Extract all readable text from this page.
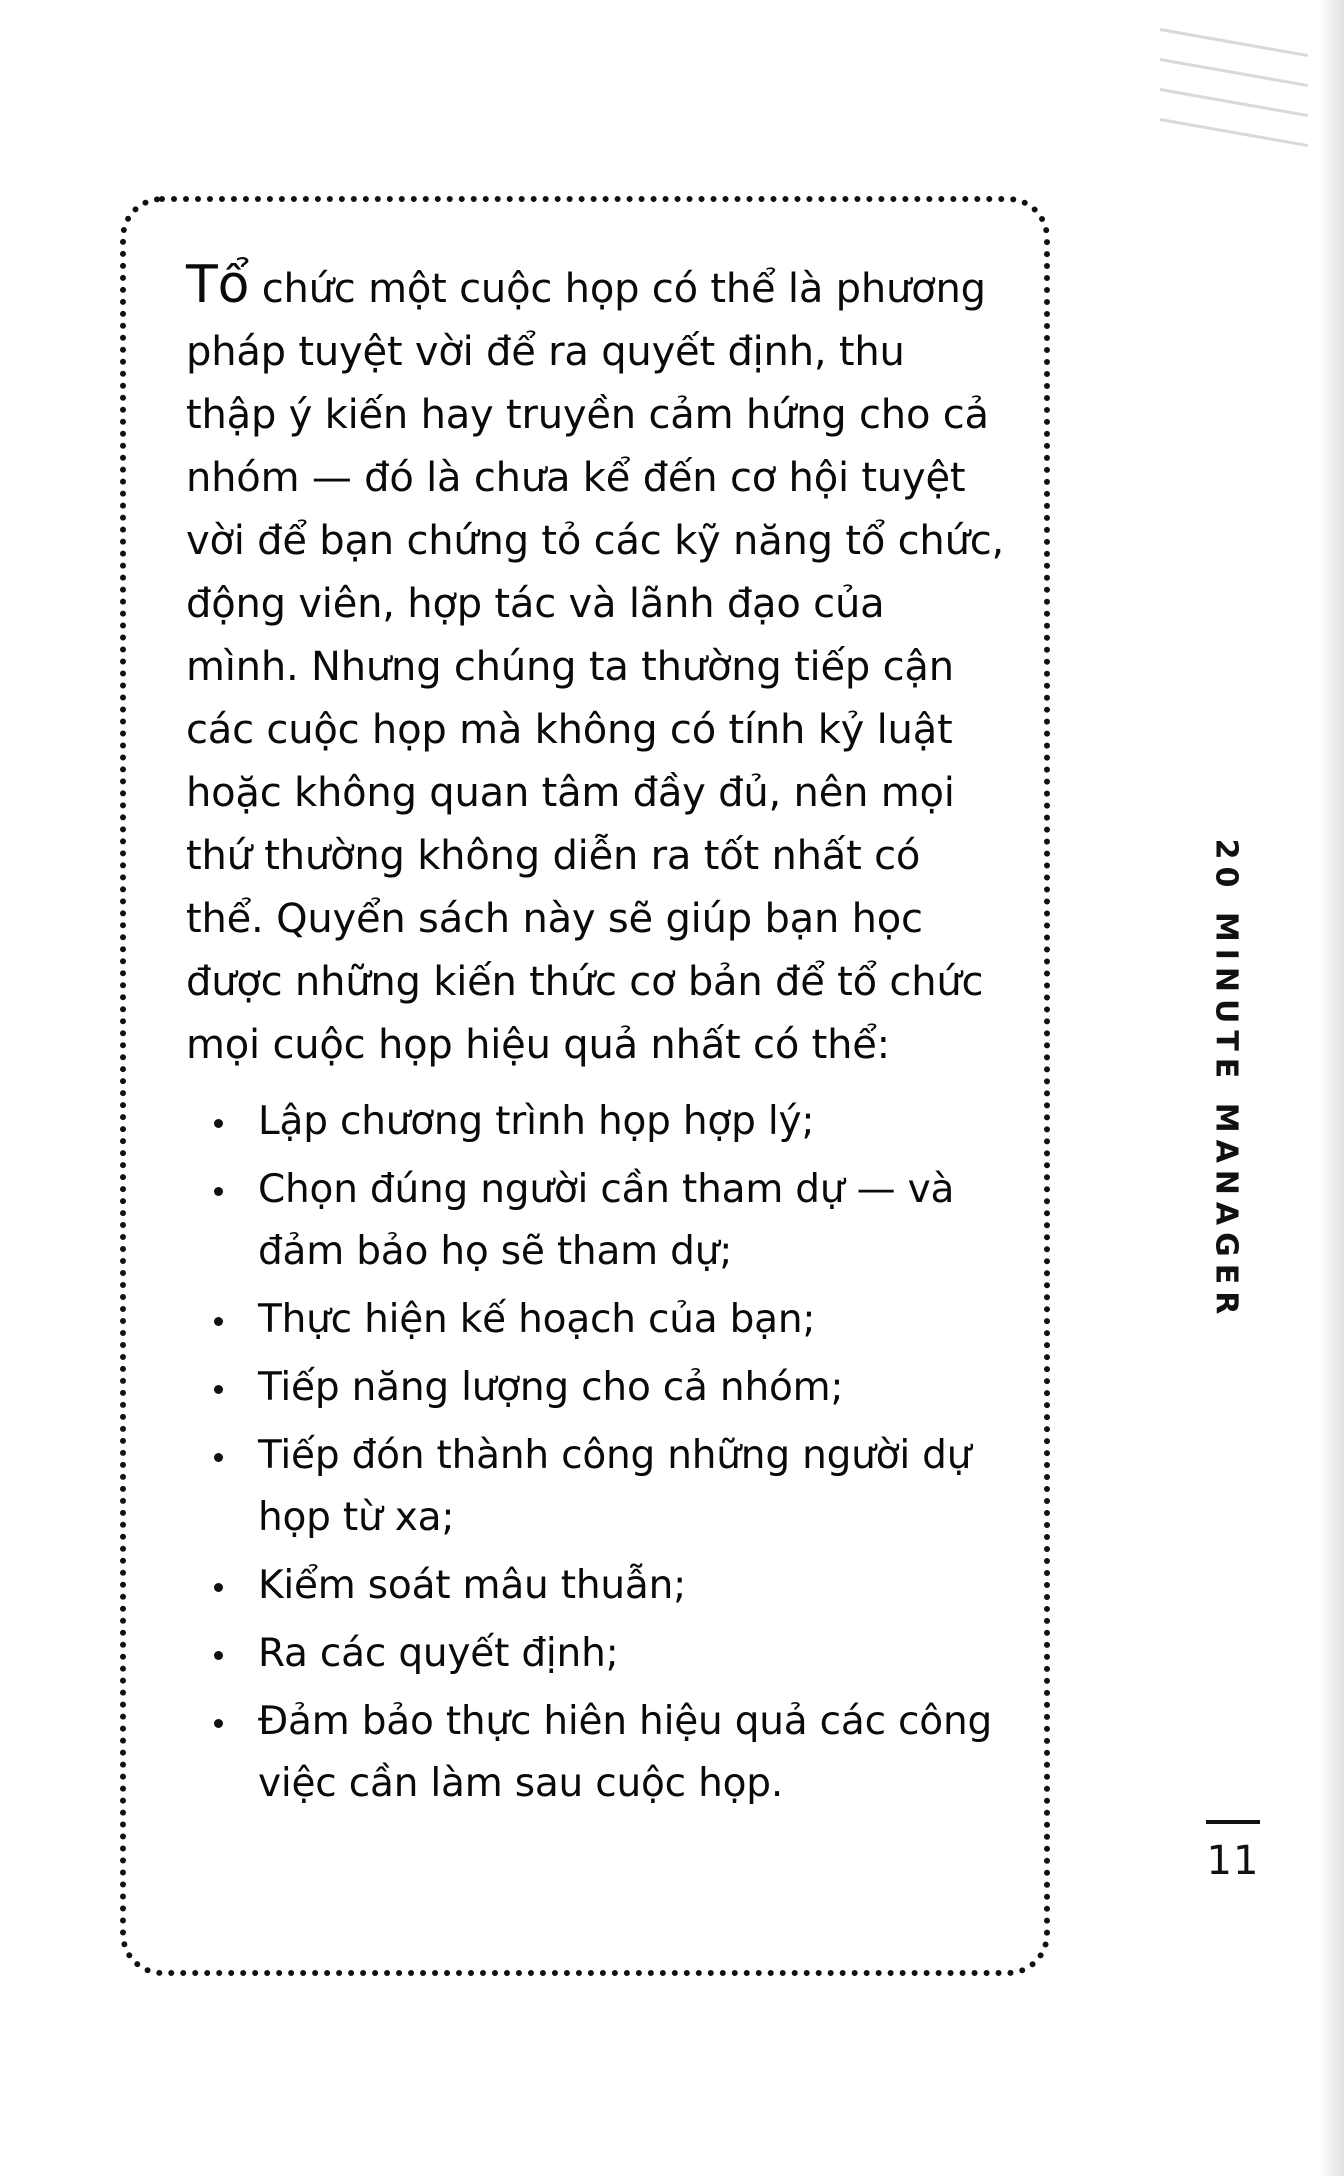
Tổ chức một cuộc họp có thể là phương pháp tuyệt vời để ra quyết định, thu thập ý kiến hay truyền cảm hứng cho cả nhóm — đó là chưa kể đến cơ hội tuyệt vời để bạn chứng tỏ các kỹ năng tổ chức, động viên, hợp tác và lãnh đạo của mình. Nhưng chúng ta thường tiếp cận các cuộc họp mà không có tính kỷ luật hoặc không quan tâm đầy đủ, nên mọi thứ thường không diễn ra tốt nhất có thể. Quyển sách này sẽ giúp bạn học được những kiến thức cơ bản để tổ chức mọi cuộc họp hiệu quả nhất có thể:

Lập chương trình họp hợp lý;
Chọn đúng người cần tham dự — và đảm bảo họ sẽ tham dự;
Thực hiện kế hoạch của bạn;
Tiếp năng lượng cho cả nhóm;
Tiếp đón thành công những người dự họp từ xa;
Kiểm soát mâu thuẫn;
Ra các quyết định;
Đảm bảo thực hiên hiệu quả các công việc cần làm sau cuộc họp.
20 MINUTE MANAGER
11
